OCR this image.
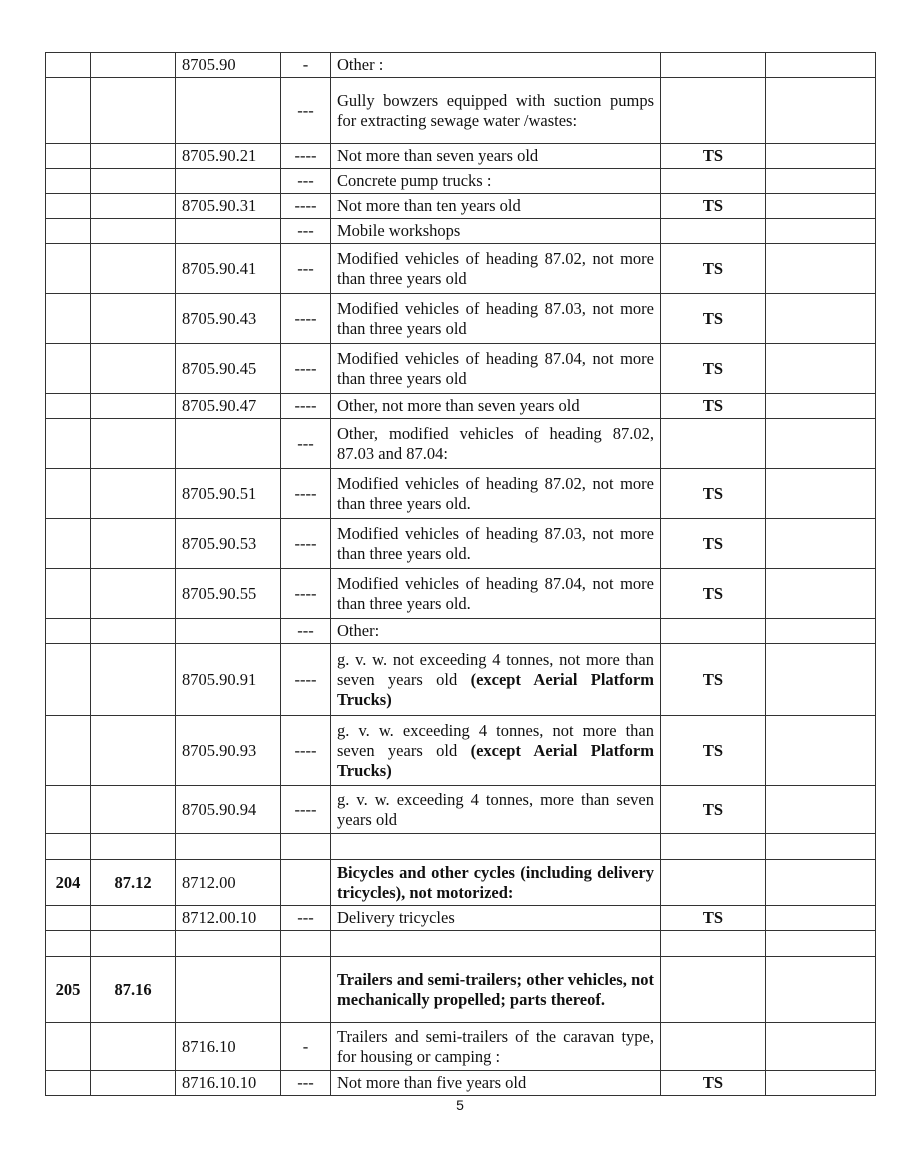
		8705.90	-	Other :		
			---	Gully bowzers equipped with suction pumps for extracting sewage water /wastes:		
		8705.90.21	----	Not more than seven years old	TS	
			---	Concrete pump trucks :		
		8705.90.31	----	Not more than ten years old	TS	
			---	Mobile workshops		
		8705.90.41	---	Modified vehicles of heading 87.02, not more than three years old	TS	
		8705.90.43	----	Modified vehicles of heading 87.03, not more than three years old	TS	
		8705.90.45	----	Modified vehicles of heading 87.04, not more than three years old	TS	
		8705.90.47	----	Other, not more than seven years old	TS	
			---	Other, modified vehicles of heading 87.02, 87.03 and 87.04:		
		8705.90.51	----	Modified vehicles of heading 87.02, not more than three years old.	TS	
		8705.90.53	----	Modified vehicles of heading 87.03, not more than three years old.	TS	
		8705.90.55	----	Modified vehicles of heading 87.04, not more than three years old.	TS	
			---	Other:		
		8705.90.91	----	g. v. w. not exceeding 4 tonnes, not more than seven years old (except Aerial Platform Trucks)	TS	
		8705.90.93	----	g. v. w. exceeding 4 tonnes, not more than seven years old (except Aerial Platform Trucks)	TS	
		8705.90.94	----	g. v. w. exceeding 4 tonnes, more than seven years old	TS	

204	87.12	8712.00		Bicycles and other cycles (including delivery tricycles), not motorized:		
		8712.00.10	---	Delivery tricycles	TS	

205	87.16			Trailers and semi-trailers; other vehicles, not mechanically propelled; parts thereof.		
		8716.10	-	Trailers and semi-trailers of the caravan type, for housing or camping :		
		8716.10.10	---	Not more than five years old	TS	
5
